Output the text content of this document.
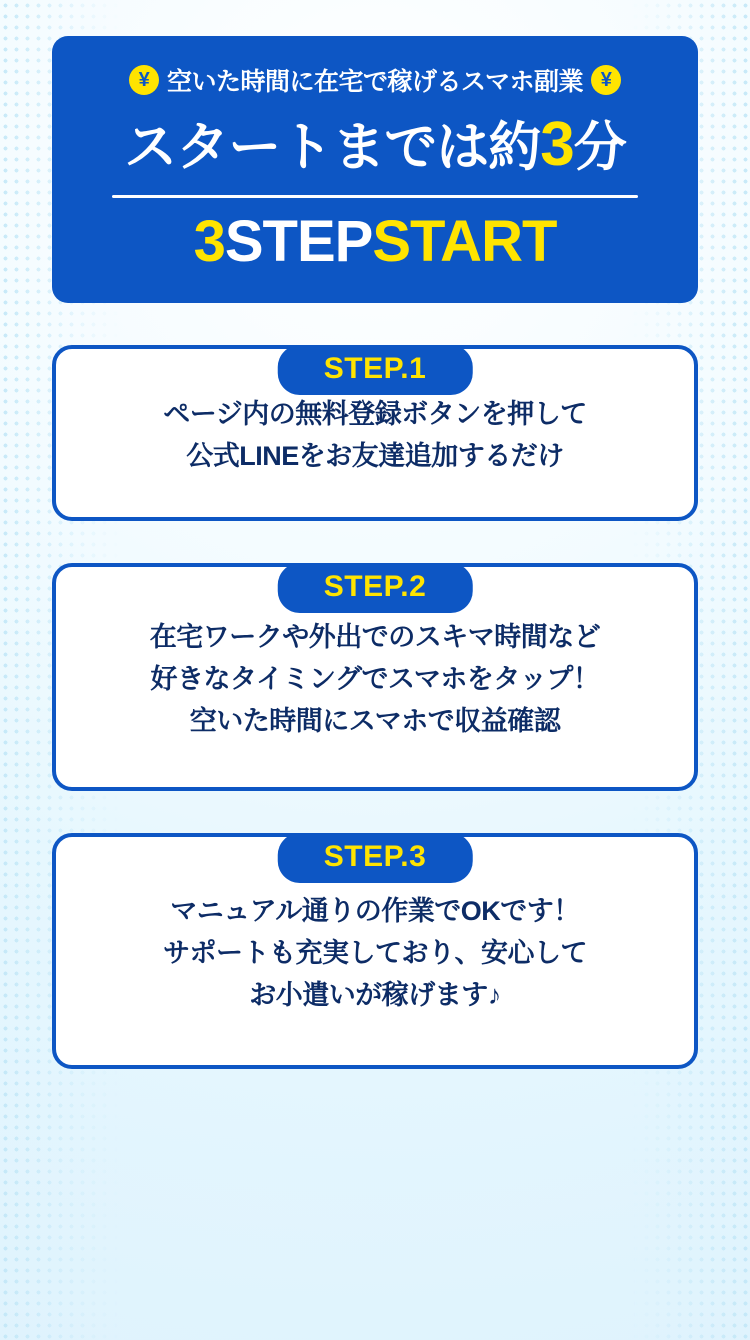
¥ 空いた時間に在宅で稼げるスマホ副業 ¥
スタートまでは約3分
3STEPSTART
STEP.1
ページ内の無料登録ボタンを押して
公式LINEをお友達追加するだけ
STEP.2
在宅ワークや外出でのスキマ時間など
好きなタイミングでスマホをタップ！
空いた時間にスマホで収益確認
STEP.3
マニュアル通りの作業でOKです！
サポートも充実しており、安心して
お小遣いが稼げます♪
